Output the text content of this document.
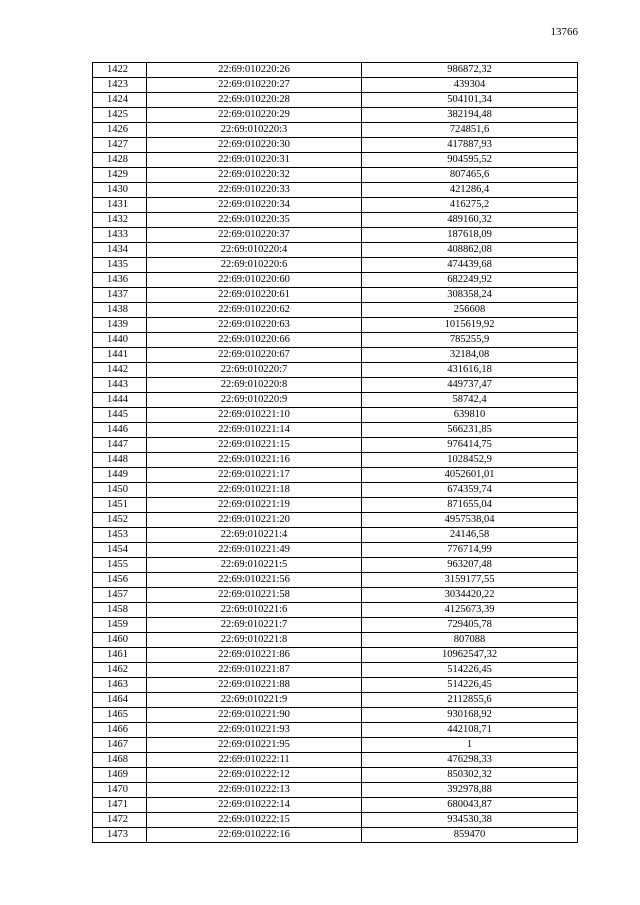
13766
1422	22:69:010220:26	986872,32
1423	22:69:010220:27	439304
1424	22:69:010220:28	504101,34
1425	22:69:010220:29	382194,48
1426	22:69:010220:3	724851,6
1427	22:69:010220:30	417887,93
1428	22:69:010220:31	904595,52
1429	22:69:010220:32	807465,6
1430	22:69:010220:33	421286,4
1431	22:69:010220:34	416275,2
1432	22:69:010220:35	489160,32
1433	22:69:010220:37	187618,09
1434	22:69:010220:4	408862,08
1435	22:69:010220:6	474439,68
1436	22:69:010220:60	682249,92
1437	22:69:010220:61	308358,24
1438	22:69:010220:62	256608
1439	22:69:010220:63	1015619,92
1440	22:69:010220:66	785255,9
1441	22:69:010220:67	32184,08
1442	22:69:010220:7	431616,18
1443	22:69:010220:8	449737,47
1444	22:69:010220:9	58742,4
1445	22:69:010221:10	639810
1446	22:69:010221:14	566231,85
1447	22:69:010221:15	976414,75
1448	22:69:010221:16	1028452,9
1449	22:69:010221:17	4052601,01
1450	22:69:010221:18	674359,74
1451	22:69:010221:19	871655,04
1452	22:69:010221:20	4957538,04
1453	22:69:010221:4	24146,58
1454	22:69:010221:49	776714,99
1455	22:69:010221:5	963207,48
1456	22:69:010221:56	3159177,55
1457	22:69:010221:58	3034420,22
1458	22:69:010221:6	4125673,39
1459	22:69:010221:7	729405,78
1460	22:69:010221:8	807088
1461	22:69:010221:86	10962547,32
1462	22:69:010221:87	514226,45
1463	22:69:010221:88	514226,45
1464	22:69:010221:9	2112855,6
1465	22:69:010221:90	930168,92
1466	22:69:010221:93	442108,71
1467	22:69:010221:95	1
1468	22:69:010222:11	476298,33
1469	22:69:010222:12	850302,32
1470	22:69:010222:13	392978,88
1471	22:69:010222:14	680043,87
1472	22:69:010222:15	934530,38
1473	22:69:010222:16	859470
